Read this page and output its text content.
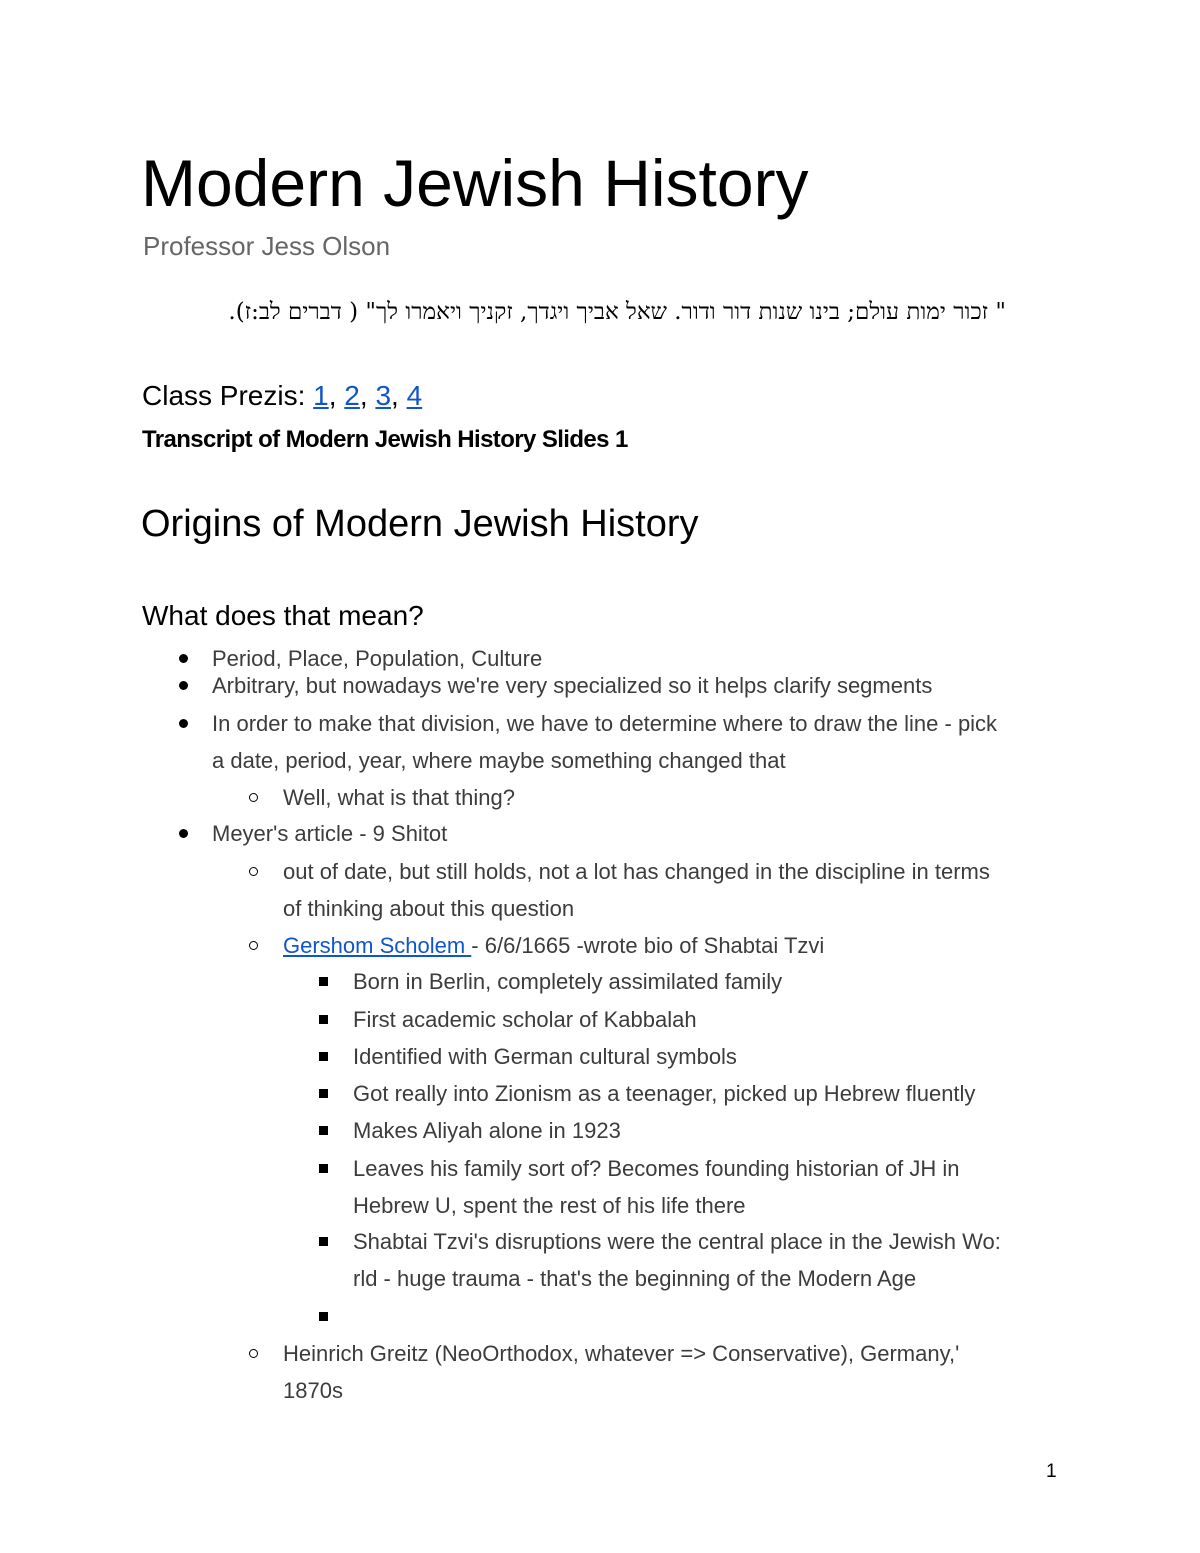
Modern Jewish History
Professor Jess Olson
" זכור ימות עולם; בינו שנות דור ודור. שאל אביך ויגדך, זקניך ויאמרו לך" ( דברים לב:ז).
Class Prezis: 1, 2, 3, 4
Transcript of Modern Jewish History Slides 1
Origins of Modern Jewish History
What does that mean?
Period, Place, Population, Culture
Arbitrary, but nowadays we're very specialized so it helps clarify segments
In order to make that division, we have to determine where to draw the line - pick
a date, period, year, where maybe something changed that
Well, what is that thing?
Meyer's article - 9 Shitot
out of date, but still holds, not a lot has changed in the discipline in terms
of thinking about this question
Gershom Scholem - 6/6/1665 -wrote bio of Shabtai Tzvi
Born in Berlin, completely assimilated family
First academic scholar of Kabbalah
Identified with German cultural symbols
Got really into Zionism as a teenager, picked up Hebrew fluently
Makes Aliyah alone in 1923
Leaves his family sort of? Becomes founding historian of JH in
Hebrew U, spent the rest of his life there
Shabtai Tzvi's disruptions were the central place in the Jewish Wo:
rld - huge trauma - that's the beginning of the Modern Age
Heinrich Greitz (NeoOrthodox, whatever => Conservative), Germany,'
1870s
1
